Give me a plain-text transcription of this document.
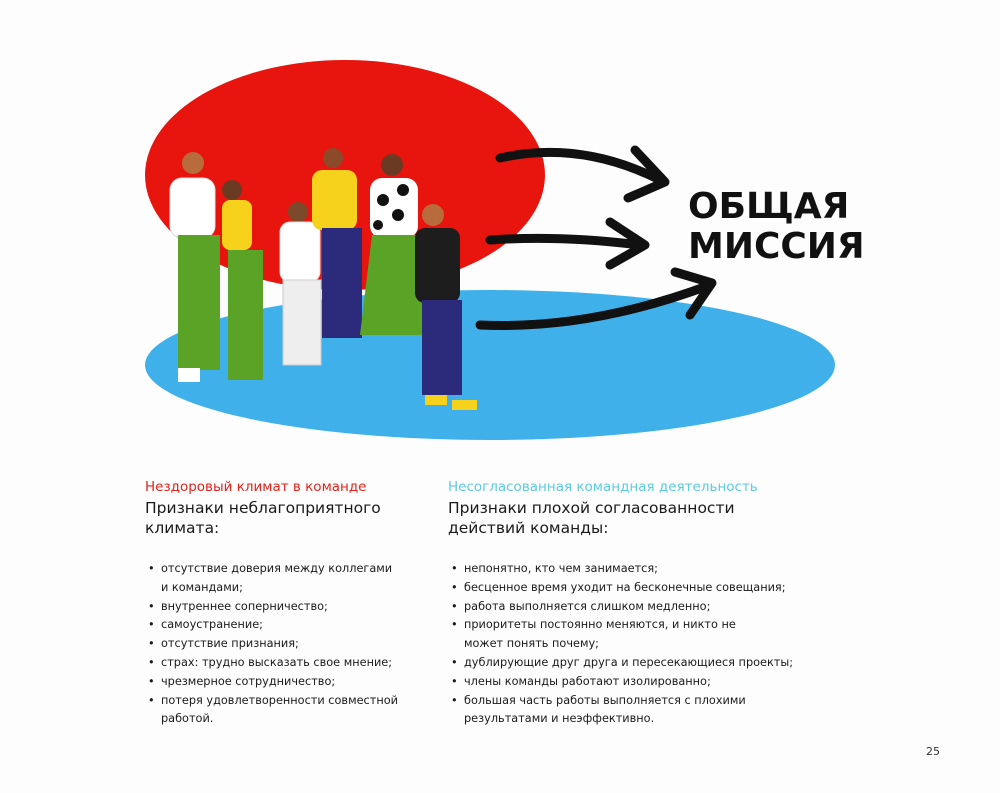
ОБЩАЯ
МИССИЯ
Нездоровый климат в команде
Признаки неблагоприятного климата:
• отсутствие доверия между коллегами и командами;
• внутреннее соперничество;
• самоустранение;
• отсутствие признания;
• страх: трудно высказать свое мнение;
• чрезмерное сотрудничество;
• потеря удовлетворенности совместной работой.
Несогласованная командная деятельность
Признаки плохой согласованности действий команды:
• непонятно, кто чем занимается;
• бесценное время уходит на бесконечные совещания;
• работа выполняется слишком медленно;
• приоритеты постоянно меняются, и никто не может понять почему;
• дублирующие друг друга и пересекающиеся проекты;
• члены команды работают изолированно;
• большая часть работы выполняется с плохими результатами и неэффективно.
25
